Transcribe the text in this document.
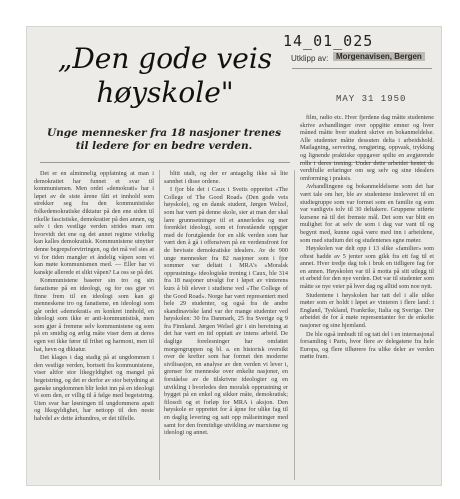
14_01_025
Utklipp av: Morgenavisen, Bergen
MAY 31 1950
„Den gode veis
høyskole"
Unge mennesker fra 18 nasjoner trenes til ledere for en bedre verden.

Det er en alminnelig oppfatning at man i demokratiet har funnet et svar til kommunismen. Men ordet «demokrati» har i løpet av de siste årene fått et innhold som strekker seg fra den kommunistiske folkedemokratiske diktatur på den ene siden til rikelle fascistiske, demokratier på den annen, og selv i den vestlige verden strides man om hvorvidt det ene og det annet regime virkelig kan kalles demokratisk. Kommunistene utnytter denne begrepsforvirringen, og det må vel sies at vi for tiden mangler et åndelig våpen som vi kan møte kommunismen med. — Eller har vi kanskje allerede et slikt våpen? La oss se på det.

Kommunistene baserer sin tro og sin fanatisme på en ideologi, og for oss gjør vi finne frem til en ideologi som kan gi menneskene tro og fanatisme, en ideologi som går ordet «demokrati» en konkret innhold, en ideologi som ikke er anti-kommunistisk, men som gjør å fremme selv kommunistene og som på en smidig og ærlig måte viser dem at deres egen vei ikke fører til frihet og harmoni, men til hat, hevn og diktatur.

Det klages i dag stadig på at ungdommen i den vestlige verden, bortsett fra kommunistene, viser altfor stor likegyldighet og mangel på begeistring, og det er derfor av stor betydning at ganske ungdommen blir ledet inn på en ideologi vi som den, er villig til å følge med begeistring. Uten svar har løsningen til ungdommens apati og likegyldighet, har nettopp til den neste halvdel av dette århundres, er det tilfelle.

blitt utalt, og der er antagelig ikke så lite sannhet i disse ordene.

I fjor ble det i Caux i Sveits opprettet «The College of The Good Road» (Den gode veis høyskole), og en dansk student, Jørgen Welzel, som har vært på denne skole, sier at man der skal lære grunnsetninger til et annerledes og mer forenklet ideologi, som et forestående oppgjør med de forutgående for en slik verden som har vært den å gå i offensiven på en verdensfront for de bevisste demokratiske idealers. Av de 900 unge mennesker fra 82 nasjoner som i fjor sommer var deltatt i MRA's «Moralsk opprustning» ideologiske trening i Caux, ble 314 fra 18 nasjoner utvalgt for i løpet av vinterens kurs å bli elever i studiene ved «The College of the Good Road». Norge har vært representert med hele 29 studenter, og også fra de andre skandinaviske land var der mange studenter ved høyskolen: 30 fra Danmark, 25 fra Sverige og 9 fra Finnland. Jørgen Welsel gir i sin beretning at det har vært en tid opptatt av intens arbeid. De daglige forelesninger har omfattet morgengruppen og bl. a. en historisk oversikt over de krefter som har formet den moderne sivilisasjon, en analyse av den verden vi lever i, grenser for menneske over enkelte nasjoner, en forståelse av de tilskrivne ideologier og en utvikling i hvorledes den moralsk opprustning er bygget på en enkel og sikker måte, demokratisk; filosofi og et forløp for MRA i aksjon. Den høyskole er opprettet for å åpne for ulike fag til en daglig levering og satt opp målsetninger med samt for den fremtidige utvikling av marxisme og ideologi og annet.

film, radio etc. Hver fjerdene dag måtte studentene skrive avhandlinger over oppgitte emner og hver måned måtte hver student skrive en bokanmeldelse. Alle studenter måtte dessuten delta i arbeidshold. Matlagning, servering, rengjøring, oppvask, trykking og lignende praktiske oppgaver spilte en avgjørende rolle i deres trening. Under dette arbeidet hentet de verdifulle erfaringer om seg selv og sine idealers omforming i praksis.

Avhandlingene og bokanmeldelsene som det har vært tale om her, ble av studentene innleveret til en studiegruppe som var formet som en familie og som var vanligvis tolv til 30 deltakere. Gruppene utførte kursene nå til det fremste mål. Det som var blitt en mulighet for at selv de som i dag var vant til og begynt med, kunne også være med inn i arbeidene, som med studium det og studentenes egne møter.

Høyskolen var delt opp i 13 slike «familier» som oftest hadde av 5 jenter som gikk fra ett fag til et annet. Hver tredje dag tok i bruk en tidligere fag for en annen. Høyskolen var til å motta på sitt utlegg til et arbeid for den nye verden. Det var til studenter som måtte se nye veier på hver dag og alltid som noe nytt.

Studentene i høyskolen har tatt del i alle ulike møter som er holdt i løpet av vinteren i flere land: i England, Tyskland, Frankrike, Italia og Sverige. Der arbeidet de for å møte representanter for de enkelte nasjoner og sine hjemland.

De ble også innbudt til og tatt del i en internasjonal forsamling i Paris, hvor flere av delegatene fra hele Europa, og flere tilhørere fra ulike deler av verden møtte fram.
